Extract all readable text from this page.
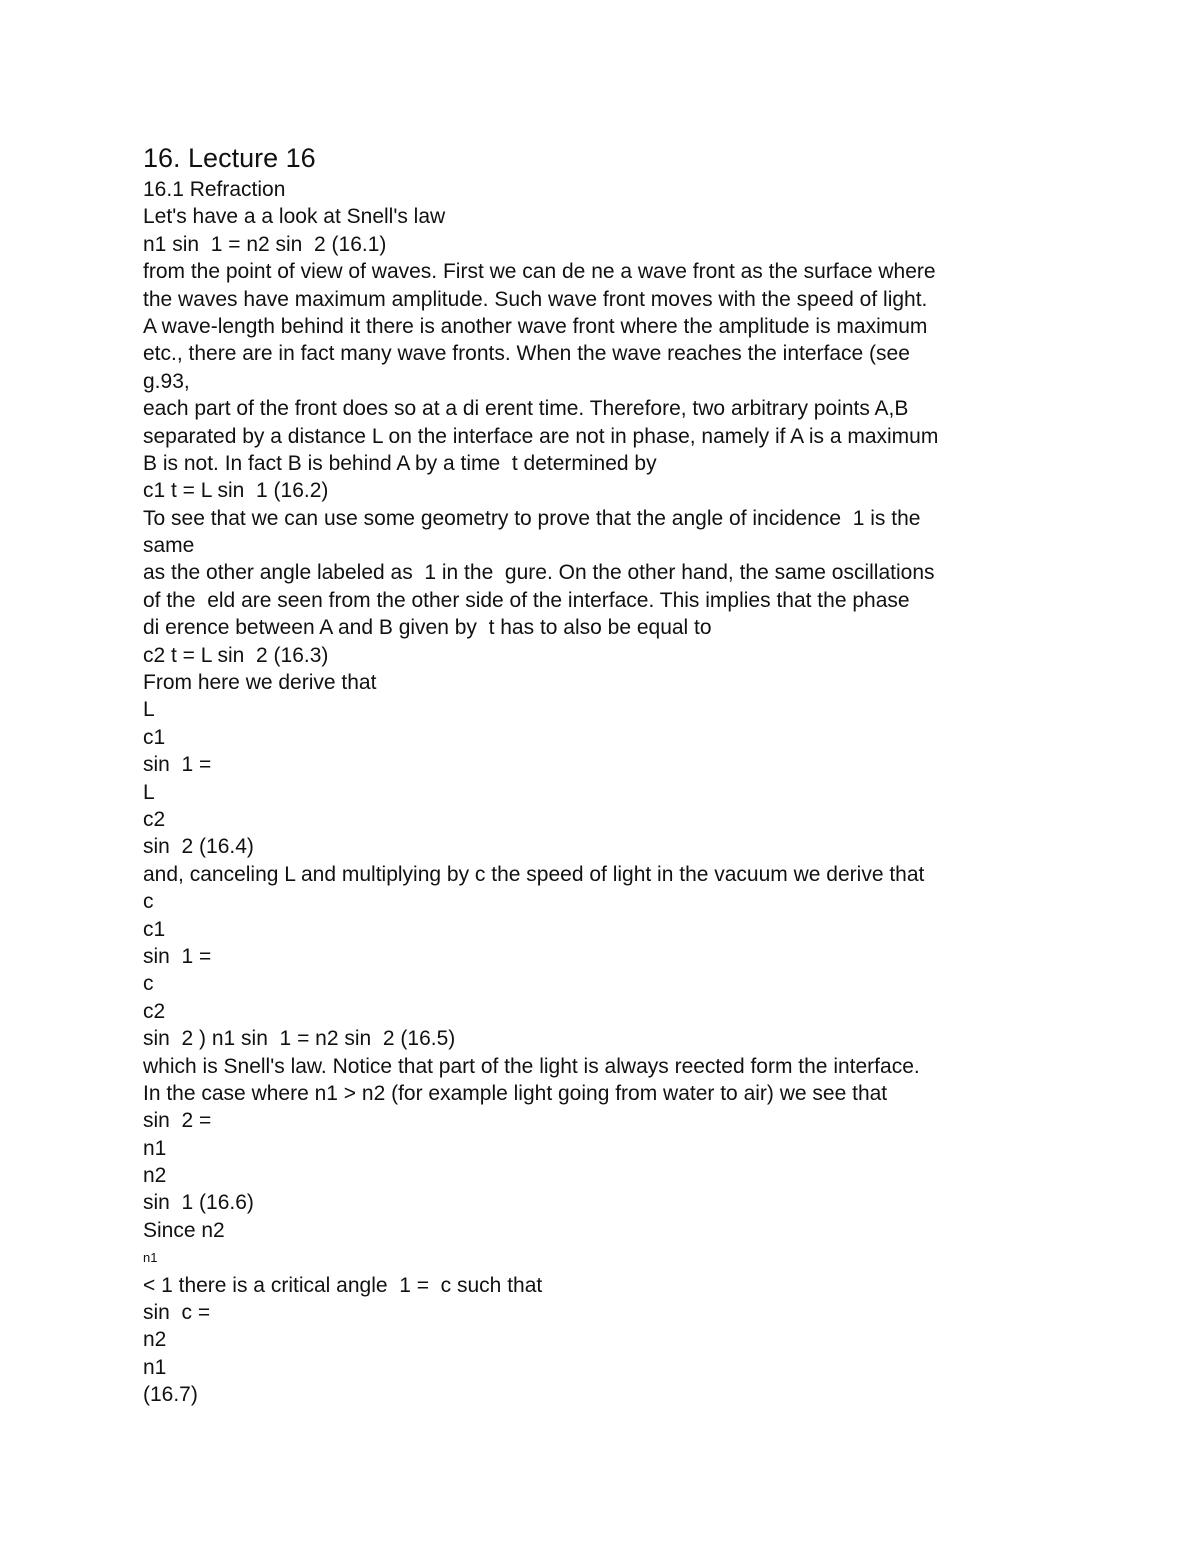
16. Lecture 16
16.1 Refraction
Let's have a a look at Snell's law
n1 sin  1 = n2 sin  2 (16.1)
from the point of view of waves. First we can de ne a wave front as the surface where
the waves have maximum amplitude. Such wave front moves with the speed of light.
A wave-length behind it there is another wave front where the amplitude is maximum
etc., there are in fact many wave fronts. When the wave reaches the interface (see
g.93,
each part of the front does so at a di erent time. Therefore, two arbitrary points A,B
separated by a distance L on the interface are not in phase, namely if A is a maximum
B is not. In fact B is behind A by a time  t determined by
c1 t = L sin  1 (16.2)
To see that we can use some geometry to prove that the angle of incidence  1 is the
same
as the other angle labeled as  1 in the  gure. On the other hand, the same oscillations
of the  eld are seen from the other side of the interface. This implies that the phase
di erence between A and B given by  t has to also be equal to
c2 t = L sin  2 (16.3)
From here we derive that
L
c1
sin  1 =
L
c2
sin  2 (16.4)
and, canceling L and multiplying by c the speed of light in the vacuum we derive that
c
c1
sin  1 =
c
c2
sin  2 ) n1 sin  1 = n2 sin  2 (16.5)
which is Snell's law. Notice that part of the light is always reected form the interface.
In the case where n1 > n2 (for example light going from water to air) we see that
sin  2 =
n1
n2
sin  1 (16.6)
Since n2
n1
< 1 there is a critical angle  1 =  c such that
sin  c =
n2
n1
(16.7)
